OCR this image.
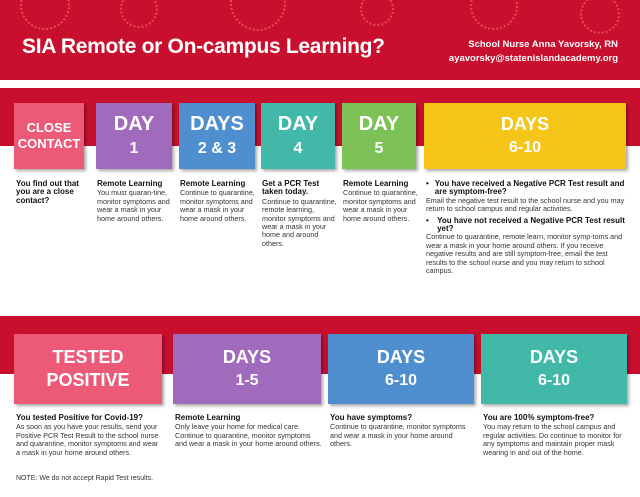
SIA Remote or On-campus Learning?	School Nurse Anna Yavorsky, RN
ayavorsky@statenislandacademy.org
CLOSE
CONTACT
DAY
1
DAYS
2 & 3
DAY
4
DAY
5
DAYS
6-10
You find out that you are a close contact?
Remote Learning
You must quaran-tine, monitor symptoms and wear a mask in your home around others.
Remote Learning
Continue to quarantine, monitor symptoms and wear a mask in your home around others.
Get a PCR Test taken today.
Continue to quarantine, remote learning, monitor symptoms and wear a mask in your home and around others.
Remote Learning
Continue to quarantine, monitor symptoms and wear a mask in your home around others.
• You have received a Negative PCR Test result and are symptom-free?
Email the negative test result to the school nurse and you may return to school campus and regular activities.
•	You have not received a Negative PCR Test result yet?
Continue to quarantine, remote learn, monitor symp-toms and wear a mask in your home around others. If you receive negative results and are still symptom-free, email the test results to the school nurse and you may return to school campus.
TESTED
POSITIVE
DAYS
1-5
DAYS
6-10
DAYS
6-10
You tested Positive for Covid-19?
As soon as you have your results, send your Positive PCR Test Result to the school nurse and quarantine, monitor symptoms and wear a mask in your home around others.
Remote Learning
Only leave your home for medical care. Continue to quarantine, monitor symptoms and wear a mask in your home around others.
You have symptoms?
Continue to quarantine, monitor symptoms and wear a mask in your home around others.
You are 100% symptom-free?
You may return to the school campus and regular activities. Do continue to monitor for any symptoms and maintain proper mask wearing in and out of the home.
NOTE: We do not accept Rapid Test results.
